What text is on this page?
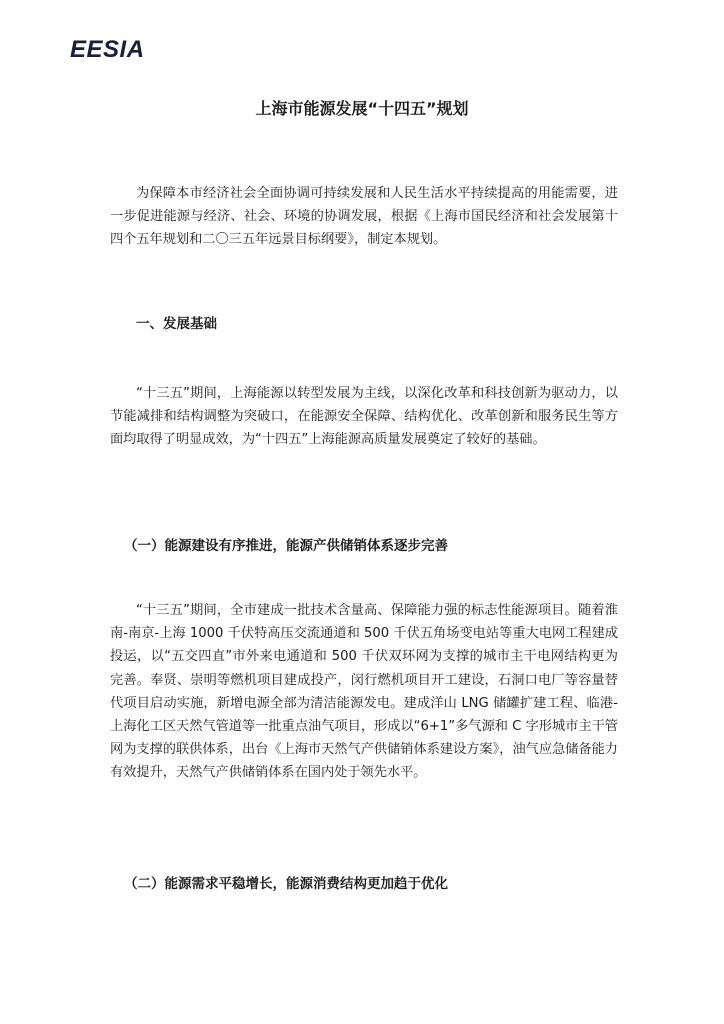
EESIA
上海市能源发展“十四五”规划

为保障本市经济社会全面协调可持续发展和人民生活水平持续提高的用能需要，进一步促进能源与经济、社会、环境的协调发展，根据《上海市国民经济和社会发展第十四个五年规划和二〇三五年远景目标纲要》，制定本规划。

一、发展基础

“十三五”期间，上海能源以转型发展为主线，以深化改革和科技创新为驱动力，以节能减排和结构调整为突破口，在能源安全保障、结构优化、改革创新和服务民生等方面均取得了明显成效，为“十四五”上海能源高质量发展奠定了较好的基础。

（一）能源建设有序推进，能源产供储销体系逐步完善

“十三五”期间，全市建成一批技术含量高、保障能力强的标志性能源项目。随着淮南-南京-上海 1000 千伏特高压交流通道和 500 千伏五角场变电站等重大电网工程建成投运，以“五交四直”市外来电通道和 500 千伏双环网为支撑的城市主干电网结构更为完善。奉贤、崇明等燃机项目建成投产，闵行燃机项目开工建设，石洞口电厂等容量替代项目启动实施，新增电源全部为清洁能源发电。建成洋山 LNG 储罐扩建工程、临港-上海化工区天然气管道等一批重点油气项目，形成以“6+1”多气源和 C 字形城市主干管网为支撑的联供体系，出台《上海市天然气产供储销体系建设方案》，油气应急储备能力有效提升，天然气产供储销体系在国内处于领先水平。

（二）能源需求平稳增长，能源消费结构更加趋于优化
